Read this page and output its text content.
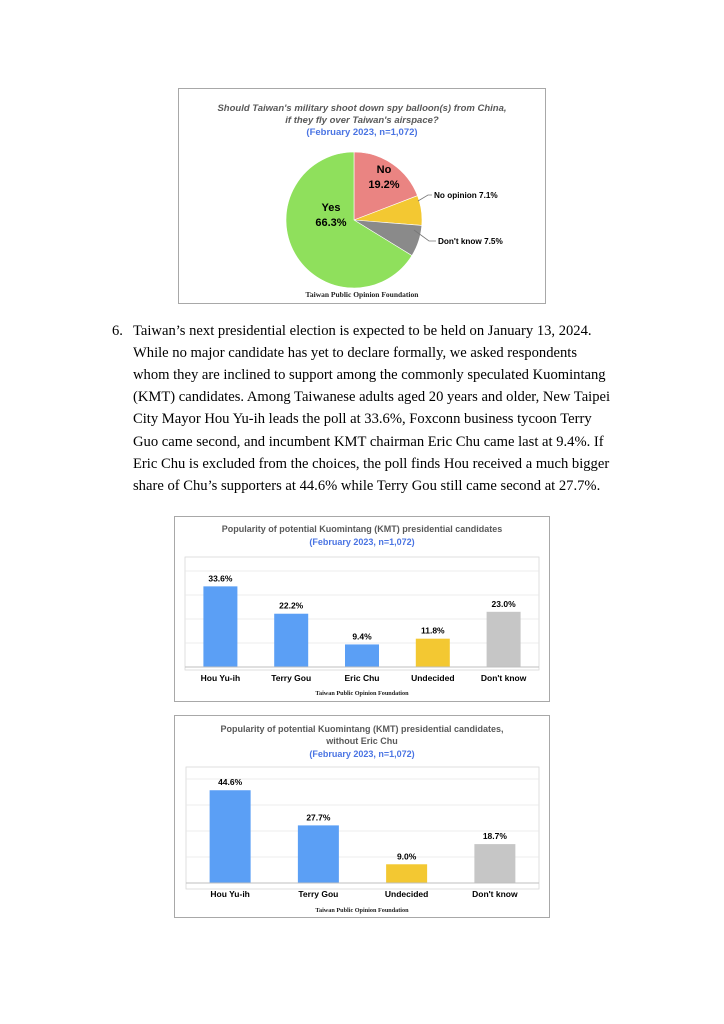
Should Taiwan's military shoot down spy balloon(s) from China,
if they fly over Taiwan's airspace?
(February 2023, n=1,072)
Yes
66.3%
No
19.2%
No opinion 7.1%
Don't know 7.5%
Taiwan Public Opinion Foundation
6. Taiwan’s next presidential election is expected to be held on January 13, 2024.
While no major candidate has yet to declare formally, we asked respondents
whom they are inclined to support among the commonly speculated Kuomintang
(KMT) candidates. Among Taiwanese adults aged 20 years and older, New Taipei
City Mayor Hou Yu-ih leads the poll at 33.6%, Foxconn business tycoon Terry
Guo came second, and incumbent KMT chairman Eric Chu came last at 9.4%. If
Eric Chu is excluded from the choices, the poll finds Hou received a much bigger
share of Chu’s supporters at 44.6% while Terry Gou still came second at 27.7%.
Popularity of potential Kuomintang (KMT) presidential candidates
(February 2023, n=1,072)
33.6%
Hou Yu-ih
22.2%
Terry Gou
9.4%
Eric Chu
11.8%
Undecided
23.0%
Don't know
Taiwan Public Opinion Foundation
Popularity of potential Kuomintang (KMT) presidential candidates,
without Eric Chu
(February 2023, n=1,072)
44.6%
Hou Yu-ih
27.7%
Terry Gou
9.0%
Undecided
18.7%
Don't know
Taiwan Public Opinion Foundation
